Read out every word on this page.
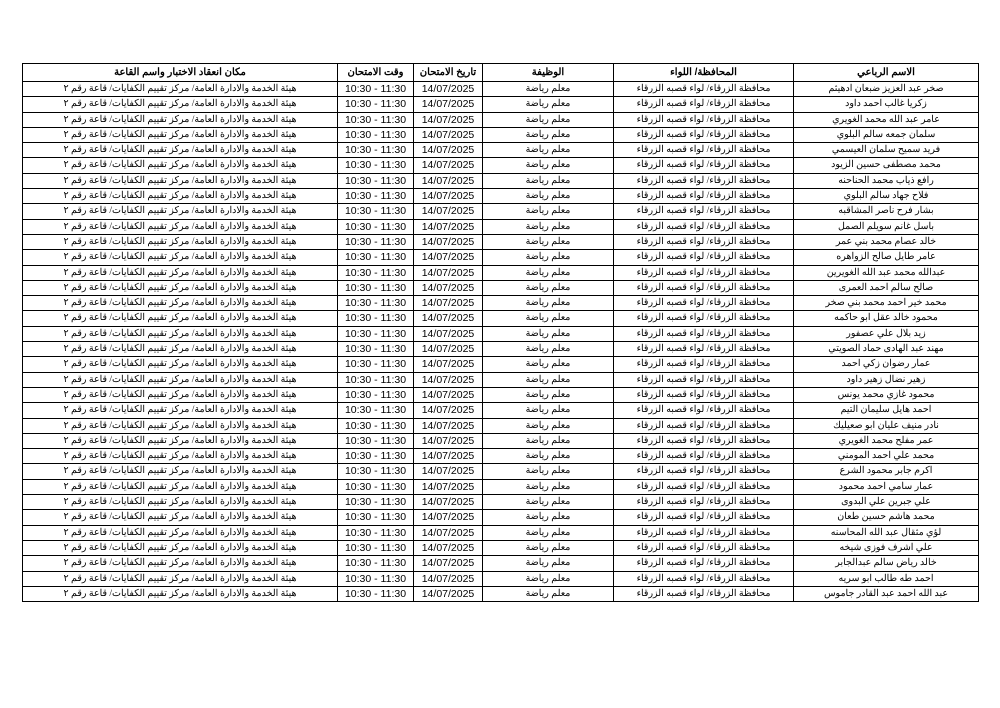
الاسم الرباعي	المحافظة/ اللواء	الوظيفة	تاريخ الامتحان	وقت الامتحان	مكان انعقاد الاختبار واسم القاعة
صخر عبد العزيز ضبعان ادهيثم	محافظة الزرقاء/ لواء قصبه الزرقاء	معلم رياضة	14/07/2025	10:30 - 11:30	هيئة الخدمة والادارة العامة/ مركز تقييم الكفايات/ قاعة رقم ٢
زكريا غالب احمد داود	محافظة الزرقاء/ لواء قصبه الزرقاء	معلم رياضة	14/07/2025	10:30 - 11:30	هيئة الخدمة والادارة العامة/ مركز تقييم الكفايات/ قاعة رقم ٢
عامر عبد الله محمد الغويري	محافظة الزرقاء/ لواء قصبه الزرقاء	معلم رياضة	14/07/2025	10:30 - 11:30	هيئة الخدمة والادارة العامة/ مركز تقييم الكفايات/ قاعة رقم ٢
سلمان جمعه سالم البلوي	محافظة الزرقاء/ لواء قصبه الزرقاء	معلم رياضة	14/07/2025	10:30 - 11:30	هيئة الخدمة والادارة العامة/ مركز تقييم الكفايات/ قاعة رقم ٢
فريد سميح سلمان العيسمي	محافظة الزرقاء/ لواء قصبه الزرقاء	معلم رياضة	14/07/2025	10:30 - 11:30	هيئة الخدمة والادارة العامة/ مركز تقييم الكفايات/ قاعة رقم ٢
محمد مصطفى حسين الزيود	محافظة الزرقاء/ لواء قصبه الزرقاء	معلم رياضة	14/07/2025	10:30 - 11:30	هيئة الخدمة والادارة العامة/ مركز تقييم الكفايات/ قاعة رقم ٢
رافع ذياب محمد الحناحنه	محافظة الزرقاء/ لواء قصبه الزرقاء	معلم رياضة	14/07/2025	10:30 - 11:30	هيئة الخدمة والادارة العامة/ مركز تقييم الكفايات/ قاعة رقم ٢
فلاح جهاد سالم البلوي	محافظة الزرقاء/ لواء قصبه الزرقاء	معلم رياضة	14/07/2025	10:30 - 11:30	هيئة الخدمة والادارة العامة/ مركز تقييم الكفايات/ قاعة رقم ٢
بشار فرح ناصر المشاقبه	محافظة الزرقاء/ لواء قصبه الزرقاء	معلم رياضة	14/07/2025	10:30 - 11:30	هيئة الخدمة والادارة العامة/ مركز تقييم الكفايات/ قاعة رقم ٢
باسل غانم سويلم الصمل	محافظة الزرقاء/ لواء قصبه الزرقاء	معلم رياضة	14/07/2025	10:30 - 11:30	هيئة الخدمة والادارة العامة/ مركز تقييم الكفايات/ قاعة رقم ٢
خالد عصام محمد بني عمر	محافظة الزرقاء/ لواء قصبه الزرقاء	معلم رياضة	14/07/2025	10:30 - 11:30	هيئة الخدمة والادارة العامة/ مركز تقييم الكفايات/ قاعة رقم ٢
عامر طايل صالح الزواهره	محافظة الزرقاء/ لواء قصبه الزرقاء	معلم رياضة	14/07/2025	10:30 - 11:30	هيئة الخدمة والادارة العامة/ مركز تقييم الكفايات/ قاعة رقم ٢
عبدالله محمد عبد الله الغويرين	محافظة الزرقاء/ لواء قصبه الزرقاء	معلم رياضة	14/07/2025	10:30 - 11:30	هيئة الخدمة والادارة العامة/ مركز تقييم الكفايات/ قاعة رقم ٢
صالح سالم احمد العمرى	محافظة الزرقاء/ لواء قصبه الزرقاء	معلم رياضة	14/07/2025	10:30 - 11:30	هيئة الخدمة والادارة العامة/ مركز تقييم الكفايات/ قاعة رقم ٢
محمد خير احمد محمد بني صخر	محافظة الزرقاء/ لواء قصبه الزرقاء	معلم رياضة	14/07/2025	10:30 - 11:30	هيئة الخدمة والادارة العامة/ مركز تقييم الكفايات/ قاعة رقم ٢
محمود خالد عقل ابو حاكمه	محافظة الزرقاء/ لواء قصبه الزرقاء	معلم رياضة	14/07/2025	10:30 - 11:30	هيئة الخدمة والادارة العامة/ مركز تقييم الكفايات/ قاعة رقم ٢
زيد بلال علي عصفور	محافظة الزرقاء/ لواء قصبه الزرقاء	معلم رياضة	14/07/2025	10:30 - 11:30	هيئة الخدمة والادارة العامة/ مركز تقييم الكفايات/ قاعة رقم ٢
مهند عبد الهادى حماد الصويتي	محافظة الزرقاء/ لواء قصبه الزرقاء	معلم رياضة	14/07/2025	10:30 - 11:30	هيئة الخدمة والادارة العامة/ مركز تقييم الكفايات/ قاعة رقم ٢
عمار رضوان زكي احمد	محافظة الزرقاء/ لواء قصبه الزرقاء	معلم رياضة	14/07/2025	10:30 - 11:30	هيئة الخدمة والادارة العامة/ مركز تقييم الكفايات/ قاعة رقم ٢
زهير نضال زهير داود	محافظة الزرقاء/ لواء قصبه الزرقاء	معلم رياضة	14/07/2025	10:30 - 11:30	هيئة الخدمة والادارة العامة/ مركز تقييم الكفايات/ قاعة رقم ٢
محمود غازي محمد يونس	محافظة الزرقاء/ لواء قصبه الزرقاء	معلم رياضة	14/07/2025	10:30 - 11:30	هيئة الخدمة والادارة العامة/ مركز تقييم الكفايات/ قاعة رقم ٢
احمد هايل سليمان التيم	محافظة الزرقاء/ لواء قصبه الزرقاء	معلم رياضة	14/07/2025	10:30 - 11:30	هيئة الخدمة والادارة العامة/ مركز تقييم الكفايات/ قاعة رقم ٢
نادر منيف عليان ابو صعيليك	محافظة الزرقاء/ لواء قصبه الزرقاء	معلم رياضة	14/07/2025	10:30 - 11:30	هيئة الخدمة والادارة العامة/ مركز تقييم الكفايات/ قاعة رقم ٢
عمر مفلح محمد الغويري	محافظة الزرقاء/ لواء قصبه الزرقاء	معلم رياضة	14/07/2025	10:30 - 11:30	هيئة الخدمة والادارة العامة/ مركز تقييم الكفايات/ قاعة رقم ٢
محمد علي احمد المومني	محافظة الزرقاء/ لواء قصبه الزرقاء	معلم رياضة	14/07/2025	10:30 - 11:30	هيئة الخدمة والادارة العامة/ مركز تقييم الكفايات/ قاعة رقم ٢
اكرم جابر محمود الشرع	محافظة الزرقاء/ لواء قصبه الزرقاء	معلم رياضة	14/07/2025	10:30 - 11:30	هيئة الخدمة والادارة العامة/ مركز تقييم الكفايات/ قاعة رقم ٢
عمار سامي احمد محمود	محافظة الزرقاء/ لواء قصبه الزرقاء	معلم رياضة	14/07/2025	10:30 - 11:30	هيئة الخدمة والادارة العامة/ مركز تقييم الكفايات/ قاعة رقم ٢
علي جبرين علي البدوى	محافظة الزرقاء/ لواء قصبه الزرقاء	معلم رياضة	14/07/2025	10:30 - 11:30	هيئة الخدمة والادارة العامة/ مركز تقييم الكفايات/ قاعة رقم ٢
محمد هاشم حسين طعان	محافظة الزرقاء/ لواء قصبه الزرقاء	معلم رياضة	14/07/2025	10:30 - 11:30	هيئة الخدمة والادارة العامة/ مركز تقييم الكفايات/ قاعة رقم ٢
لؤي مثقال عبد الله المحاسنه	محافظة الزرقاء/ لواء قصبه الزرقاء	معلم رياضة	14/07/2025	10:30 - 11:30	هيئة الخدمة والادارة العامة/ مركز تقييم الكفايات/ قاعة رقم ٢
علي اشرف فوزى شيخه	محافظة الزرقاء/ لواء قصبه الزرقاء	معلم رياضة	14/07/2025	10:30 - 11:30	هيئة الخدمة والادارة العامة/ مركز تقييم الكفايات/ قاعة رقم ٢
خالد رياض سالم عبدالجابر	محافظة الزرقاء/ لواء قصبه الزرقاء	معلم رياضة	14/07/2025	10:30 - 11:30	هيئة الخدمة والادارة العامة/ مركز تقييم الكفايات/ قاعة رقم ٢
احمد طه طالب ابو سريه	محافظة الزرقاء/ لواء قصبه الزرقاء	معلم رياضة	14/07/2025	10:30 - 11:30	هيئة الخدمة والادارة العامة/ مركز تقييم الكفايات/ قاعة رقم ٢
عبد الله احمد عبد القادر جاموس	محافظة الزرقاء/ لواء قصبه الزرقاء	معلم رياضة	14/07/2025	10:30 - 11:30	هيئة الخدمة والادارة العامة/ مركز تقييم الكفايات/ قاعة رقم ٢
